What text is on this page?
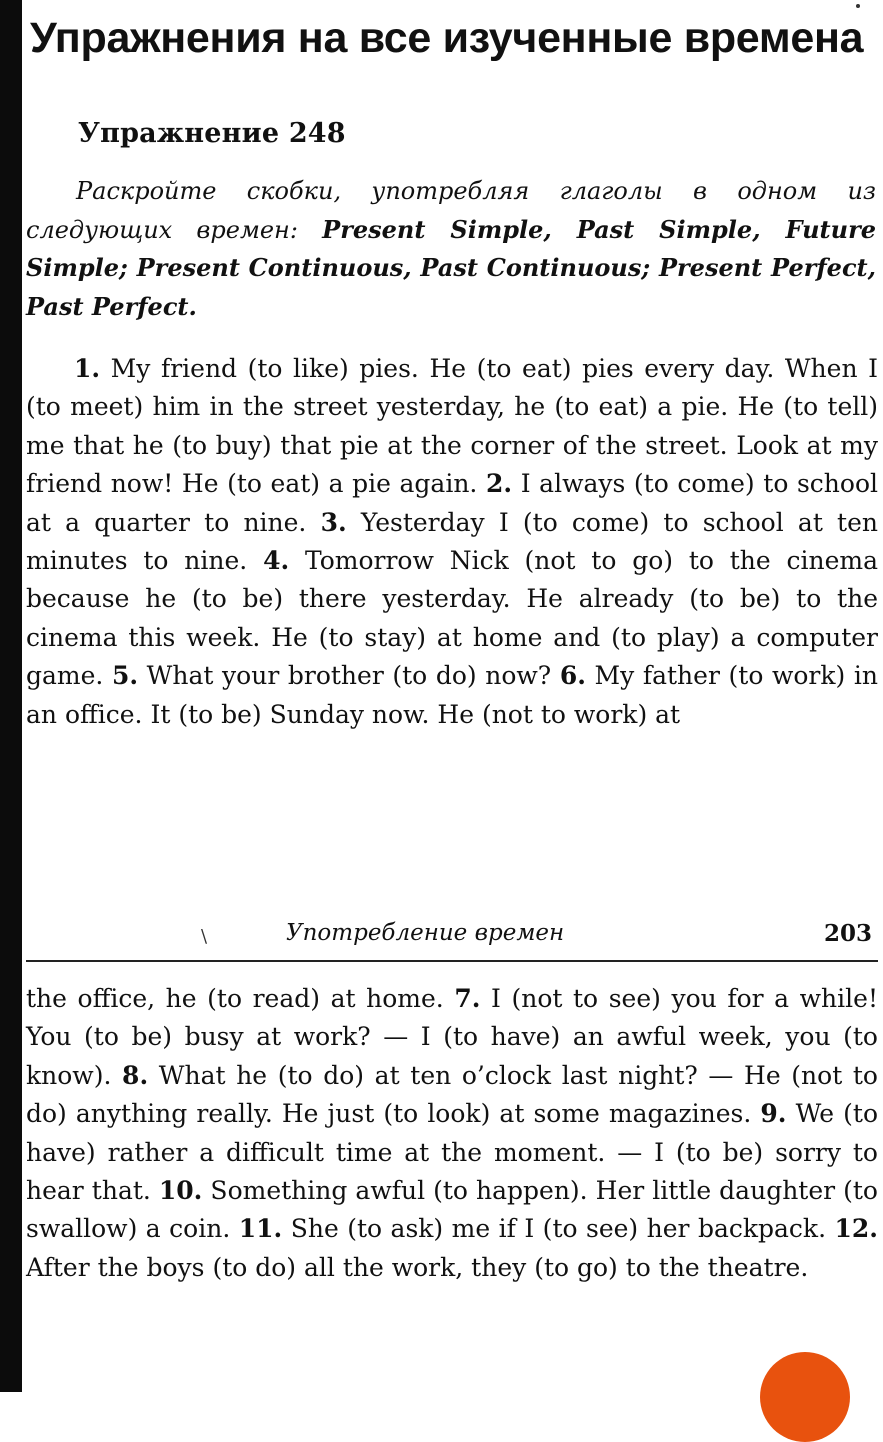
Упражнения на все изученные времена
Упражнение 248

Раскройте скобки, употребляя глаголы в одном из следующих времен: Present Simple, Past Simple, Future Simple; Present Continuous, Past Continuous; Present Perfect, Past Perfect.

1. My friend (to like) pies. He (to eat) pies every day. When I (to meet) him in the street yesterday, he (to eat) a pie. He (to tell) me that he (to buy) that pie at the corner of the street. Look at my friend now! He (to eat) a pie again. 2. I always (to come) to school at a quarter to nine. 3. Yesterday I (to come) to school at ten minutes to nine. 4. Tomorrow Nick (not to go) to the cinema because he (to be) there yesterday. He already (to be) to the cinema this week. He (to stay) at home and (to play) a computer game. 5. What your brother (to do) now? 6. My father (to work) in an office. It (to be) Sunday now. He (not to work) at

\	Употребление времен	203

the office, he (to read) at home. 7. I (not to see) you for a while! You (to be) busy at work? — I (to have) an awful week, you (to know). 8. What he (to do) at ten o’clock last night? — He (not to do) anything really. He just (to look) at some magazines. 9. We (to have) rather a difficult time at the moment. — I (to be) sorry to hear that. 10. Something awful (to happen). Her little daughter (to swallow) a coin. 11. She (to ask) me if I (to see) her backpack. 12. After the boys (to do) all the work, they (to go) to the theatre.
